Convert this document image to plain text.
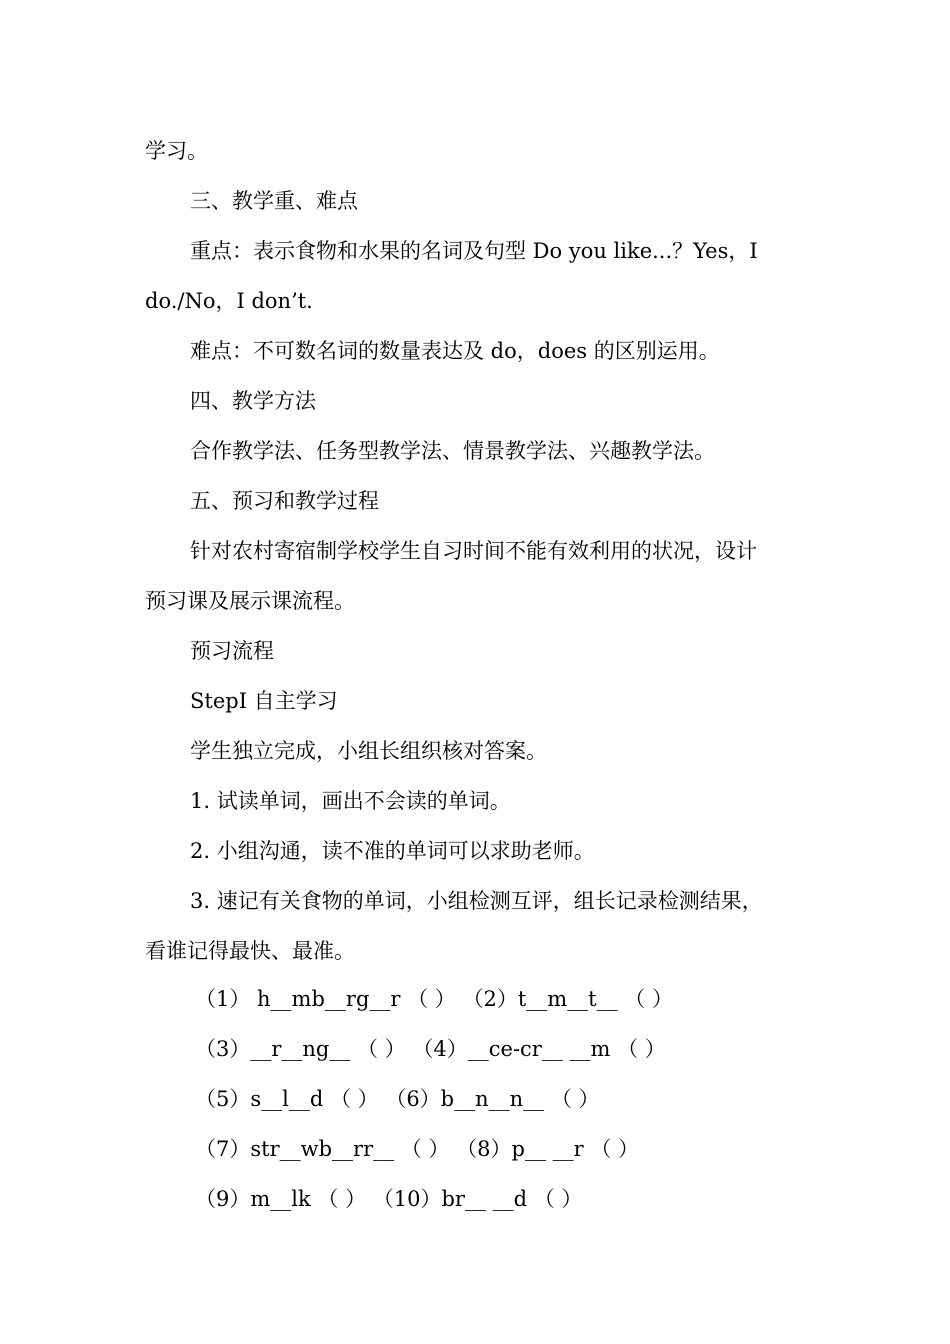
学习。
三、教学重、难点
重点：表示食物和水果的名词及句型 Do you like...？Yes，I
do./No，I don’t.
难点：不可数名词的数量表达及 do，does 的区别运用。
四、教学方法
合作教学法、任务型教学法、情景教学法、兴趣教学法。
五、预习和教学过程
针对农村寄宿制学校学生自习时间不能有效利用的状况，设计
预习课及展示课流程。
预习流程
StepⅠ 自主学习
学生独立完成，小组长组织核对答案。
1. 试读单词，画出不会读的单词。
2. 小组沟通，读不准的单词可以求助老师。
3. 速记有关食物的单词，小组检测互评，组长记录检测结果，
看谁记得最快、最准。
（1） h__mb__rg__r （ ） （2）t__m__t__ （ ）
（3）__r__ng__ （ ） （4）__ce-cr__ __m （ ）
（5）s__l__d （ ） （6）b__n__n__ （ ）
（7）str__wb__rr__ （ ） （8）p__ __r （ ）
（9）m__lk （ ） （10）br__ __d （ ）
